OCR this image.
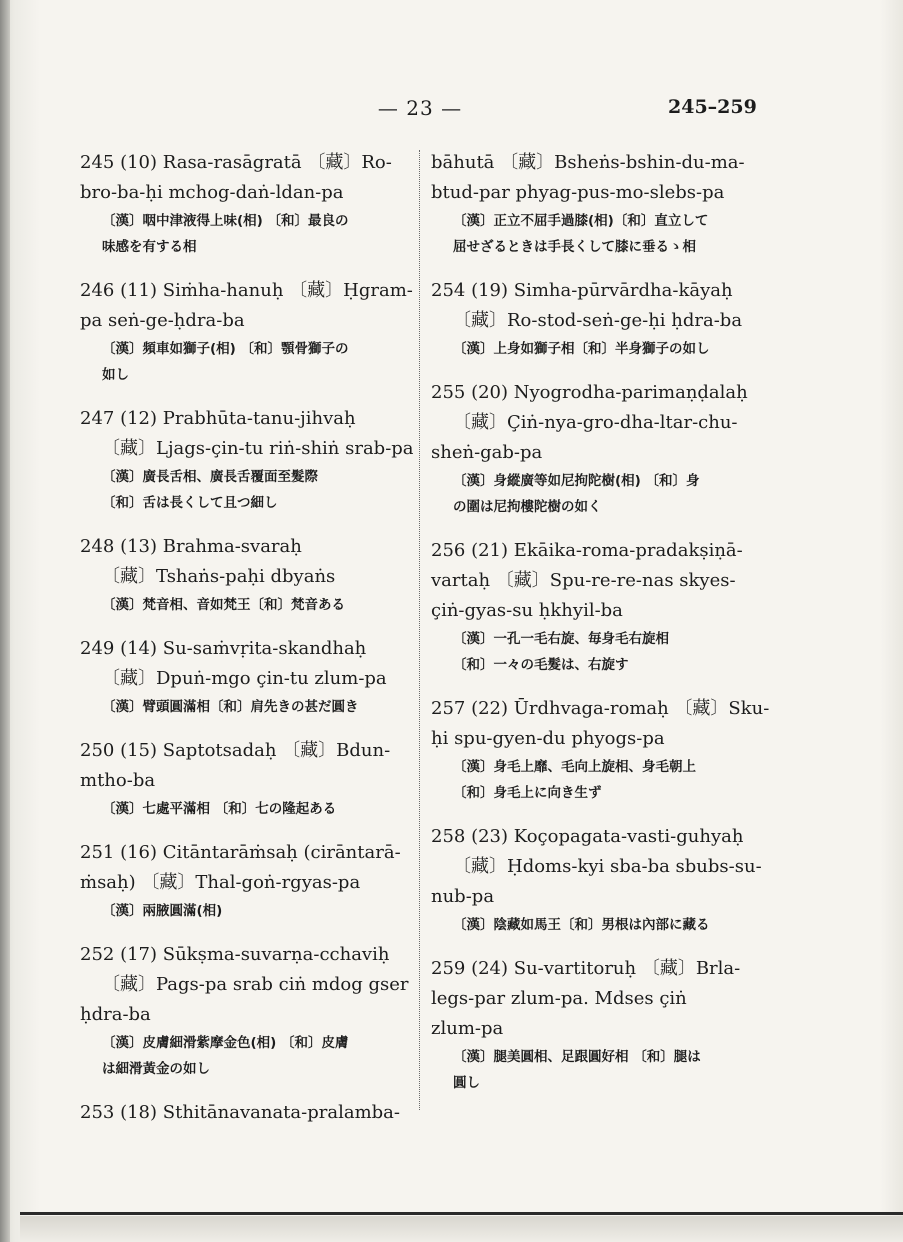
— 23 —	245–259
245 (10) Rasa-rasāgratā 〔藏〕Ro-
bro-ba-ḥi mchog-daṅ-ldan-pa
〔漢〕咽中津液得上味(相) 〔和〕最良の
味感を有する相
246 (11) Siṁha-hanuḥ 〔藏〕Ḥgram-
pa seṅ-ge-ḥdra-ba
〔漢〕頻車如獅子(相) 〔和〕顎骨獅子の
如し
247 (12) Prabhūta-tanu-jihvaḥ
〔藏〕Ljags-çin-tu riṅ-shiṅ srab-pa
〔漢〕廣長舌相、廣長舌覆面至髮際
〔和〕舌は長くして且つ細し
248 (13) Brahma-svaraḥ
〔藏〕Tshaṅs-paḥi dbyaṅs
〔漢〕梵音相、音如梵王〔和〕梵音ある
249 (14) Su-saṁvṛita-skandhaḥ
〔藏〕Dpuṅ-mgo çin-tu zlum-pa
〔漢〕臂頭圓滿相〔和〕肩先きの甚だ圓き
250 (15) Saptotsadaḥ 〔藏〕Bdun-
mtho-ba
〔漢〕七處平滿相 〔和〕七の隆起ある
251 (16) Citāntarāṁsaḥ (cirāntarā-
ṁsaḥ) 〔藏〕Thal-goṅ-rgyas-pa
〔漢〕兩腋圓滿(相)
252 (17) Sūkṣma-suvarṇa-cchaviḥ
〔藏〕Pags-pa srab ciṅ mdog gser
ḥdra-ba
〔漢〕皮膚細滑紫摩金色(相) 〔和〕皮膚
は細滑黃金の如し
253 (18) Sthitānavanata-pralamba-
bāhutā 〔藏〕Bsheṅs-bshin-du-ma-
btud-par phyag-pus-mo-slebs-pa
〔漢〕正立不屈手過膝(相)〔和〕直立して
屈せざるときは手長くして膝に垂るゝ相
254 (19) Simha-pūrvārdha-kāyaḥ
〔藏〕Ro-stod-seṅ-ge-ḥi ḥdra-ba
〔漢〕上身如獅子相〔和〕半身獅子の如し
255 (20) Nyogrodha-parimaṇḍalaḥ
〔藏〕Çiṅ-nya-gro-dha-ltar-chu-
sheṅ-gab-pa
〔漢〕身縱廣等如尼拘陀樹(相) 〔和〕身
の圍は尼拘樓陀樹の如く
256 (21) Ekāika-roma-pradakṣiṇā-
vartaḥ 〔藏〕Spu-re-re-nas skyes-
çiṅ-gyas-su ḥkhyil-ba
〔漢〕一孔一毛右旋、毎身毛右旋相
〔和〕一々の毛髮は、右旋す
257 (22) Ūrdhvaga-romaḥ 〔藏〕Sku-
ḥi spu-gyen-du phyogs-pa
〔漢〕身毛上靡、毛向上旋相、身毛朝上
〔和〕身毛上に向き生ず
258 (23) Koçopagata-vasti-guhyaḥ
〔藏〕Ḥdoms-kyi sba-ba sbubs-su-
nub-pa
〔漢〕陰藏如馬王〔和〕男根は內部に藏る
259 (24) Su-vartitoruḥ 〔藏〕Brla-
legs-par zlum-pa. Mdses çiṅ
zlum-pa
〔漢〕腿美圓相、足跟圓好相 〔和〕腿は
圓し
